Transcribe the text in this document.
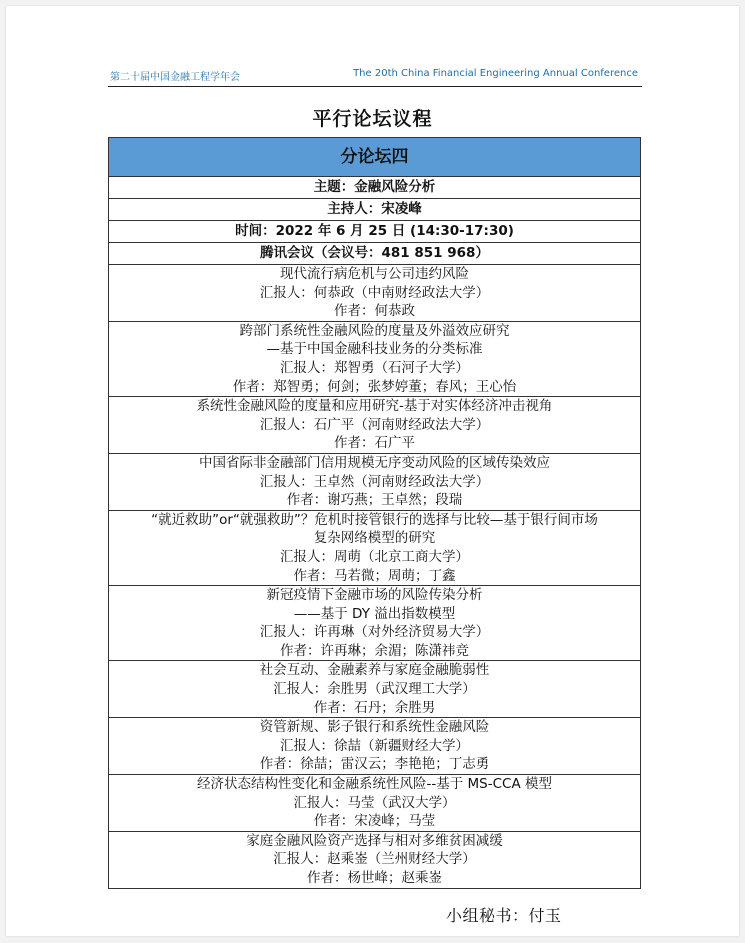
第二十届中国金融工程学年会	The 20th China Financial Engineering Annual Conference
平行论坛议程
分论坛四
主题：金融风险分析
主持人：宋凌峰
时间：2022 年 6 月 25 日 (14:30-17:30)
腾讯会议（会议号：481 851 968）

现代流行病危机与公司违约风险
汇报人：何恭政（中南财经政法大学）
作者：何恭政

跨部门系统性金融风险的度量及外溢效应研究
—基于中国金融科技业务的分类标准
汇报人：郑智勇（石河子大学）
作者：郑智勇；何剑；张梦婷董；春风；王心怡

系统性金融风险的度量和应用研究-基于对实体经济冲击视角
汇报人：石广平（河南财经政法大学）
作者：石广平

中国省际非金融部门信用规模无序变动风险的区域传染效应
汇报人：王卓然（河南财经政法大学）
作者：谢巧燕；王卓然；段瑞

“就近救助”or“就强救助”？危机时接管银行的选择与比较—基于银行间市场
复杂网络模型的研究
汇报人：周萌（北京工商大学）
作者：马若微；周萌；丁鑫

新冠疫情下金融市场的风险传染分析
——基于 DY 溢出指数模型
汇报人：许再琳（对外经济贸易大学）
作者：许再琳；余湄；陈潇祎竞

社会互动、金融素养与家庭金融脆弱性
汇报人：余胜男（武汉理工大学）
作者：石丹；余胜男

资管新规、影子银行和系统性金融风险
汇报人：徐喆（新疆财经大学）
作者：徐喆；雷汉云；李艳艳；丁志勇

经济状态结构性变化和金融系统性风险--基于 MS-CCA 模型
汇报人：马莹（武汉大学）
作者：宋凌峰；马莹

家庭金融风险资产选择与相对多维贫困减缓
汇报人：赵乘崟（兰州财经大学）
作者：杨世峰；赵乘崟
小组秘书：付玉
